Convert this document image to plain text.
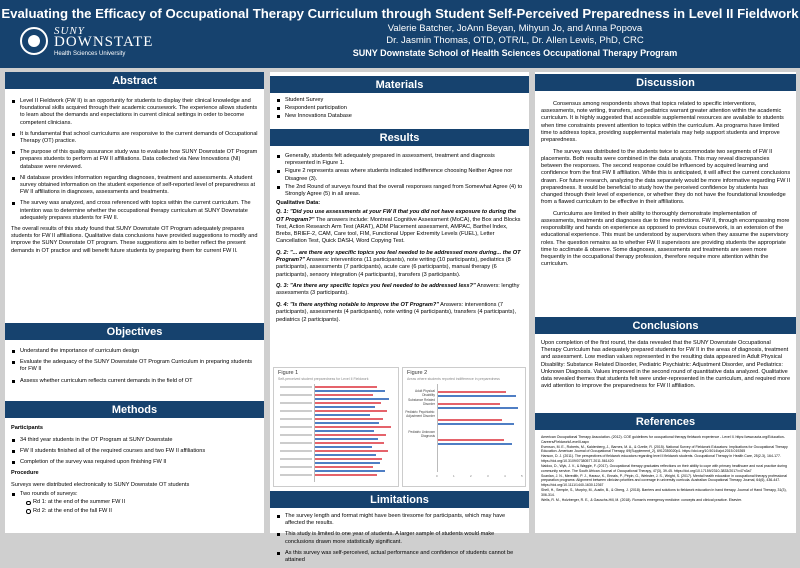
Evaluating the Efficacy of Occupational Therapy Curriculum through Student Self-Perceived Preparedness in Level II Fieldwork
SUNY
DOWNSTATE
Health Sciences University
Valerie Batcher, JoAnn Beyan, Mihyun Jo, and Anna Popova
Dr. Jasmin Thomas, OTD, OTR/L, Dr. Allen Lewis, PhD, CRC
SUNY Downstate School of Health Sciences Occupational Therapy Program
Abstract
Level II Fieldwork (FW II) is an opportunity for students to display their clinical knowledge and foundational skills acquired through their academic coursework. The experience allows students to learn about the demands and expectations in current clinical settings in order to become competent clinicians.
It is fundamental that school curriculums are responsive to the current demands of Occupational Therapy (OT) practice.
The purpose of this quality assurance study was to evaluate how SUNY Downstate OT Program prepares students to perform at FW II affiliations. Data collected via New Innovations (NI) database were reviewed.
NI database provides information regarding diagnoses, treatment and assessments. A student survey obtained information on the student experience of self-reported level of preparedness at FW II affiliations in diagnoses, assessments and treatments.
The survey was analyzed, and cross referenced with topics within the current curriculum. The intention was to determine whether the occupational therapy curriculum at SUNY Downstate adequately prepares students for FW II.

The overall results of this study found that SUNY Downstate OT Program adequately prepares students for FW II affiliations. Qualitative data conclusions have provided suggestions to modify and improve the SUNY Downstate OT program. These suggestions aim to better reflect the present demands in OT practice and will benefit future students by preparing them for current FW II.

Objectives
Understand the importance of curriculum design
Evaluate the adequacy of the SUNY Downstate OT Program Curriculum in preparing students for FW II
Assess whether curriculum reflects current demands in the field of OT
Methods

Participants

34 third year students in the OT Program at SUNY Downstate
FW II students finished all of the required courses and two FW II affiliations
Completion of the survey was required upon finishing FW II

Procedure

Surveys were distributed electronically to SUNY Downstate OT students

Two rounds of surveys:
Rd 1: at the end of the summer FW II
Rd 2: at the end of the fall FW II
Materials
Student Survey
Respondent participation
New Innovations Database
Results
Generally, students felt adequately prepared in assessment, treatment and diagnosis represented in Figure 1.
Figure 2 represents areas where students indicated indifference choosing Neither Agree nor Disagree (3).
The 2nd Round of surveys found that the overall responses ranged from Somewhat Agree (4) to Strongly Agree (5) in all areas.

Qualitative Data:

Q. 1: "Did you use assessments at your FW II that you did not have exposure to during the OT Program?" The answers include: Montreal Cognitive Assessment (MoCA), the Box and Blocks Test, Action Research Arm Test (ARAT), ADM Placement assessment, AMPAC, Barthel Index, Brebs, BRIEF-2, CAM, Care tool, FIM, Functional Upper Extremity Levels (FUEL), Letter Cancellation Test, Quick DASH, Word Copying Test.

Q. 2: "... are there any specific topics you feel needed to be addressed more during... the OT Program?" Answers: interventions (11 participants), note writing (10 participants), pediatrics (8 participants), assessments (7 participants), acute care (6 participants), manual therapy (6 participants), sensory integration (4 participants), transfers (3 participants).

Q. 3: "Are there any specific topics you feel needed to be addressed less?" Answers: lengthy assessments (3 participants).

Q. 4: "Is there anything notable to improve the OT Program?" Answers: interventions (7 participants), assessments (4 participants), note writing (4 participants), transfers (4 participants), pediatrics (2 participants).

Figure 1
Self-perceived student preparedness for Level II Fieldwork
Figure 2
Areas where students reported indifference in preparedness
Adult Physical Disability
Substance Related Disorder
Pediatric Psychiatric: Adjustment Disorder
Pediatric Unknown Diagnosis
0	1	2	3	4	5
Limitations
The survey length and format might have been tiresome for participants, which may have affected the results.
This study is limited to one year of students. A larger sample of students would make conclusions drawn more statistically significant.
As this survey was self-perceived, actual performance and confidence of students cannot be attained
Discussion

Consensus among respondents shows that topics related to specific interventions, assessments, note writing, transfers, and pediatrics warrant greater attention within the academic curriculum. It is highly suggested that accessible supplemental resources are available to students when time constraints prevent attention to topics within the curriculum. As programs have limited time to address topics, providing supplemental materials may help support students and improve preparedness.

The survey was distributed to the students twice to accommodate two segments of FW II placements. Both results were combined in the data analysis. This may reveal discrepancies between the responses. The second response could be influenced by acquired learning and confidence from the first FW II affiliation. While this is anticipated, it will affect the current conclusions drawn. For future research, analyzing the data separately would be more informative regarding FW II preparedness. It would be beneficial to study how the perceived confidence by students has changed through their level of experience, or whether they do not have the foundational knowledge from a flawed curriculum to be effective in their affiliations.

Curriculums are limited in their ability to thoroughly demonstrate implementation of assessments, treatments and diagnoses due to time restrictions. FW II, through encompassing more responsibility and hands on experience as opposed to previous coursework, is an extension of the educational experience. This must be understood by supervisors when they assume the supervisory roles. The question remains as to whether FW II supervisors are providing students the appropriate time to acclimate & observe. Some diagnoses, assessments and treatments are seen more frequently in the occupational therapy profession, therefore require more attention within the curriculum.

Conclusions

Upon completion of the first round, the data revealed that the SUNY Downstate Occupational Therapy Curriculum has adequately prepared students for FW II in the areas of diagnosis, treatment and assessment. Low median values represented in the resulting data appeared in Adult Physical Disability: Substance Related Disorder, Pediatric Psychiatric: Adjustment Disorder, and Pediatrics: Unknown Diagnosis. Values improved in the second round of quantitative data analyzed. Qualitative data revealed themes that students felt were under-represented in the curriculum, and required more avid attention to improve the preparedness for FW II affiliation.

References
American Occupational Therapy Association. (2012). COE guidelines for occupational therapy fieldwork experience - Level II. https://www.aota.org/Education-Careers/Fieldwork/LevelII.aspx
Evenson, M. E., Roberts, M., Kaldenberg, J., Barnes, M. A., & Ozelie, R. (2015). National Survey of Fieldwork Educators: Implications for Occupational Therapy Education. American Journal of Occupational Therapy, 69(Supplement_2), 6912350020p1. https://doi.org/10.5014/ajot.2015.019265
Hanson, D. J. (2011). The perspectives of fieldwork educators regarding level II fieldwork students. Occupational Therapy in Health Care, 25(2-3), 164-177. https://doi.org/10.3109/07380577.2011.561420
Naidoo, D., Wyk, J. V., & Waggie, F. (2017). Occupational therapy graduates reflections on their ability to cope with primary healthcare and rural practice during community service. The South African Journal of Occupational Therapy, 47(3), 39-45. https://doi.org/10.17159/2310-3833/2017/v47n3a7
Scanlan, J. N., Meredith, P. J., Haracz, K., Ennals, P., Pépin, G., Webster, J. S., Wright, S. (2017). Mental health education in occupational therapy professional preparation programs: Alignment between clinician priorities and coverage in university curricula. Australian Occupational Therapy Journal, 64(6), 436-447. https://doi.org/10.1111/1440-1630.12367
Shell, H., Semple, S., Murphy, M., Austin, B., & Oberg, J. (2018). Barriers and solutions to fieldwork education in hand therapy. Journal of Hand Therapy, 31(3), 306-314.
Wells, R. M., Holzberger, R. E., & Gauschs-Hill, M. (2018). Roman's emergency medicine: concepts and clinical practice. Elsevier.
